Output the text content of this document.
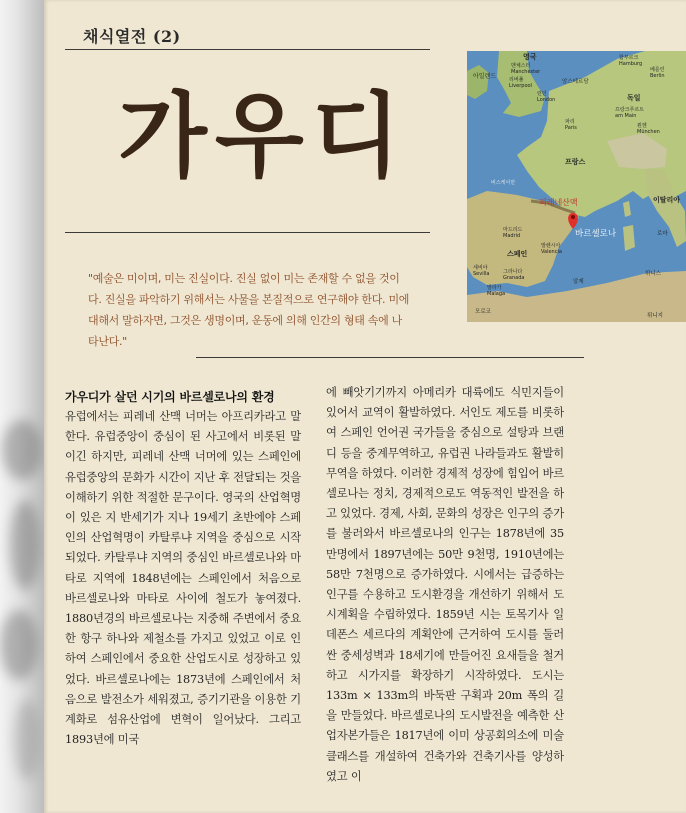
채식열전 (2)
가우디
"예술은 미이며, 미는 진실이다. 진실 없이 미는 존재할 수 없을 것이다. 진실을 파악하기 위해서는 사물을 본질적으로 연구해야 한다. 미에 대해서 말하자면, 그것은 생명이며, 운동에 의해 인간의 형태 속에 나타난다."
영국
맨체스터
Manchester
암스테르담
함부르크
Hamburg
베를린
Berlin
아일랜드	리버풀
Liverpool
런던
London	독일
프랑크푸르트
am Main
파리
Paris	뮌헨
München
프랑스
비스케이만
피레네산맥
바르셀로나
마드리드
Madrid
스페인
이탈리아
로마
발렌시아
Valencia
세비야
Sevilla	그라나다
Granada
말라가
Malaga
알제
튀니스
모로코
튀니지
가우디가 살던 시기의 바르셀로나의 환경

유럽에서는 피레네 산맥 너머는 아프리카라고 말한다. 유럽중앙이 중심이 된 사고에서 비롯된 말이긴 하지만, 피레네 산맥 너머에 있는 스페인에 유럽중앙의 문화가 시간이 지난 후 전달되는 것을 이해하기 위한 적절한 문구이다. 영국의 산업혁명이 있은 지 반세기가 지나 19세기 초반에야 스페인의 산업혁명이 카탈루냐 지역을 중심으로 시작되었다. 카탈루냐 지역의 중심인 바르셀로나와 마타로 지역에 1848년에는 스페인에서 처음으로 바르셀로나와 마타로 사이에 철도가 놓여졌다. 1880년경의 바르셀로나는 지중해 주변에서 중요한 항구 하나와 제철소를 가지고 있었고 이로 인하여 스페인에서 중요한 산업도시로 성장하고 있었다. 바르셀로나에는 1873년에 스페인에서 처음으로 발전소가 세워졌고, 증기기관을 이용한 기계화로 섬유산업에 변혁이 일어났다. 그리고 1893년에 미국

에 빼앗기기까지 아메리카 대륙에도 식민지들이 있어서 교역이 활발하였다. 서인도 제도를 비롯하여 스페인 언어권 국가들을 중심으로 설탕과 브랜디 등을 중계무역하고, 유럽권 나라들과도 활발히 무역을 하였다. 이러한 경제적 성장에 힘입어 바르셀로나는 정치, 경제적으로도 역동적인 발전을 하고 있었다. 경제, 사회, 문화의 성장은 인구의 증가를 불러와서 바르셀로나의 인구는 1878년에 35만명에서 1897년에는 50만 9천명, 1910년에는 58만 7천명으로 증가하였다. 시에서는 급증하는 인구를 수용하고 도시환경을 개선하기 위해서 도시계획을 수립하였다. 1859년 시는 토목기사 일데폰스 세르다의 계획안에 근거하여 도시를 둘러싼 중세성벽과 18세기에 만들어진 요새들을 철거하고 시가지를 확장하기 시작하였다. 도시는 133m × 133m의 바둑판 구획과 20m 폭의 길을 만들었다. 바르셀로나의 도시발전을 예측한 산업자본가들은 1817년에 이미 상공회의소에 미술 클래스를 개설하여 건축가와 건축기사를 양성하였고 이
